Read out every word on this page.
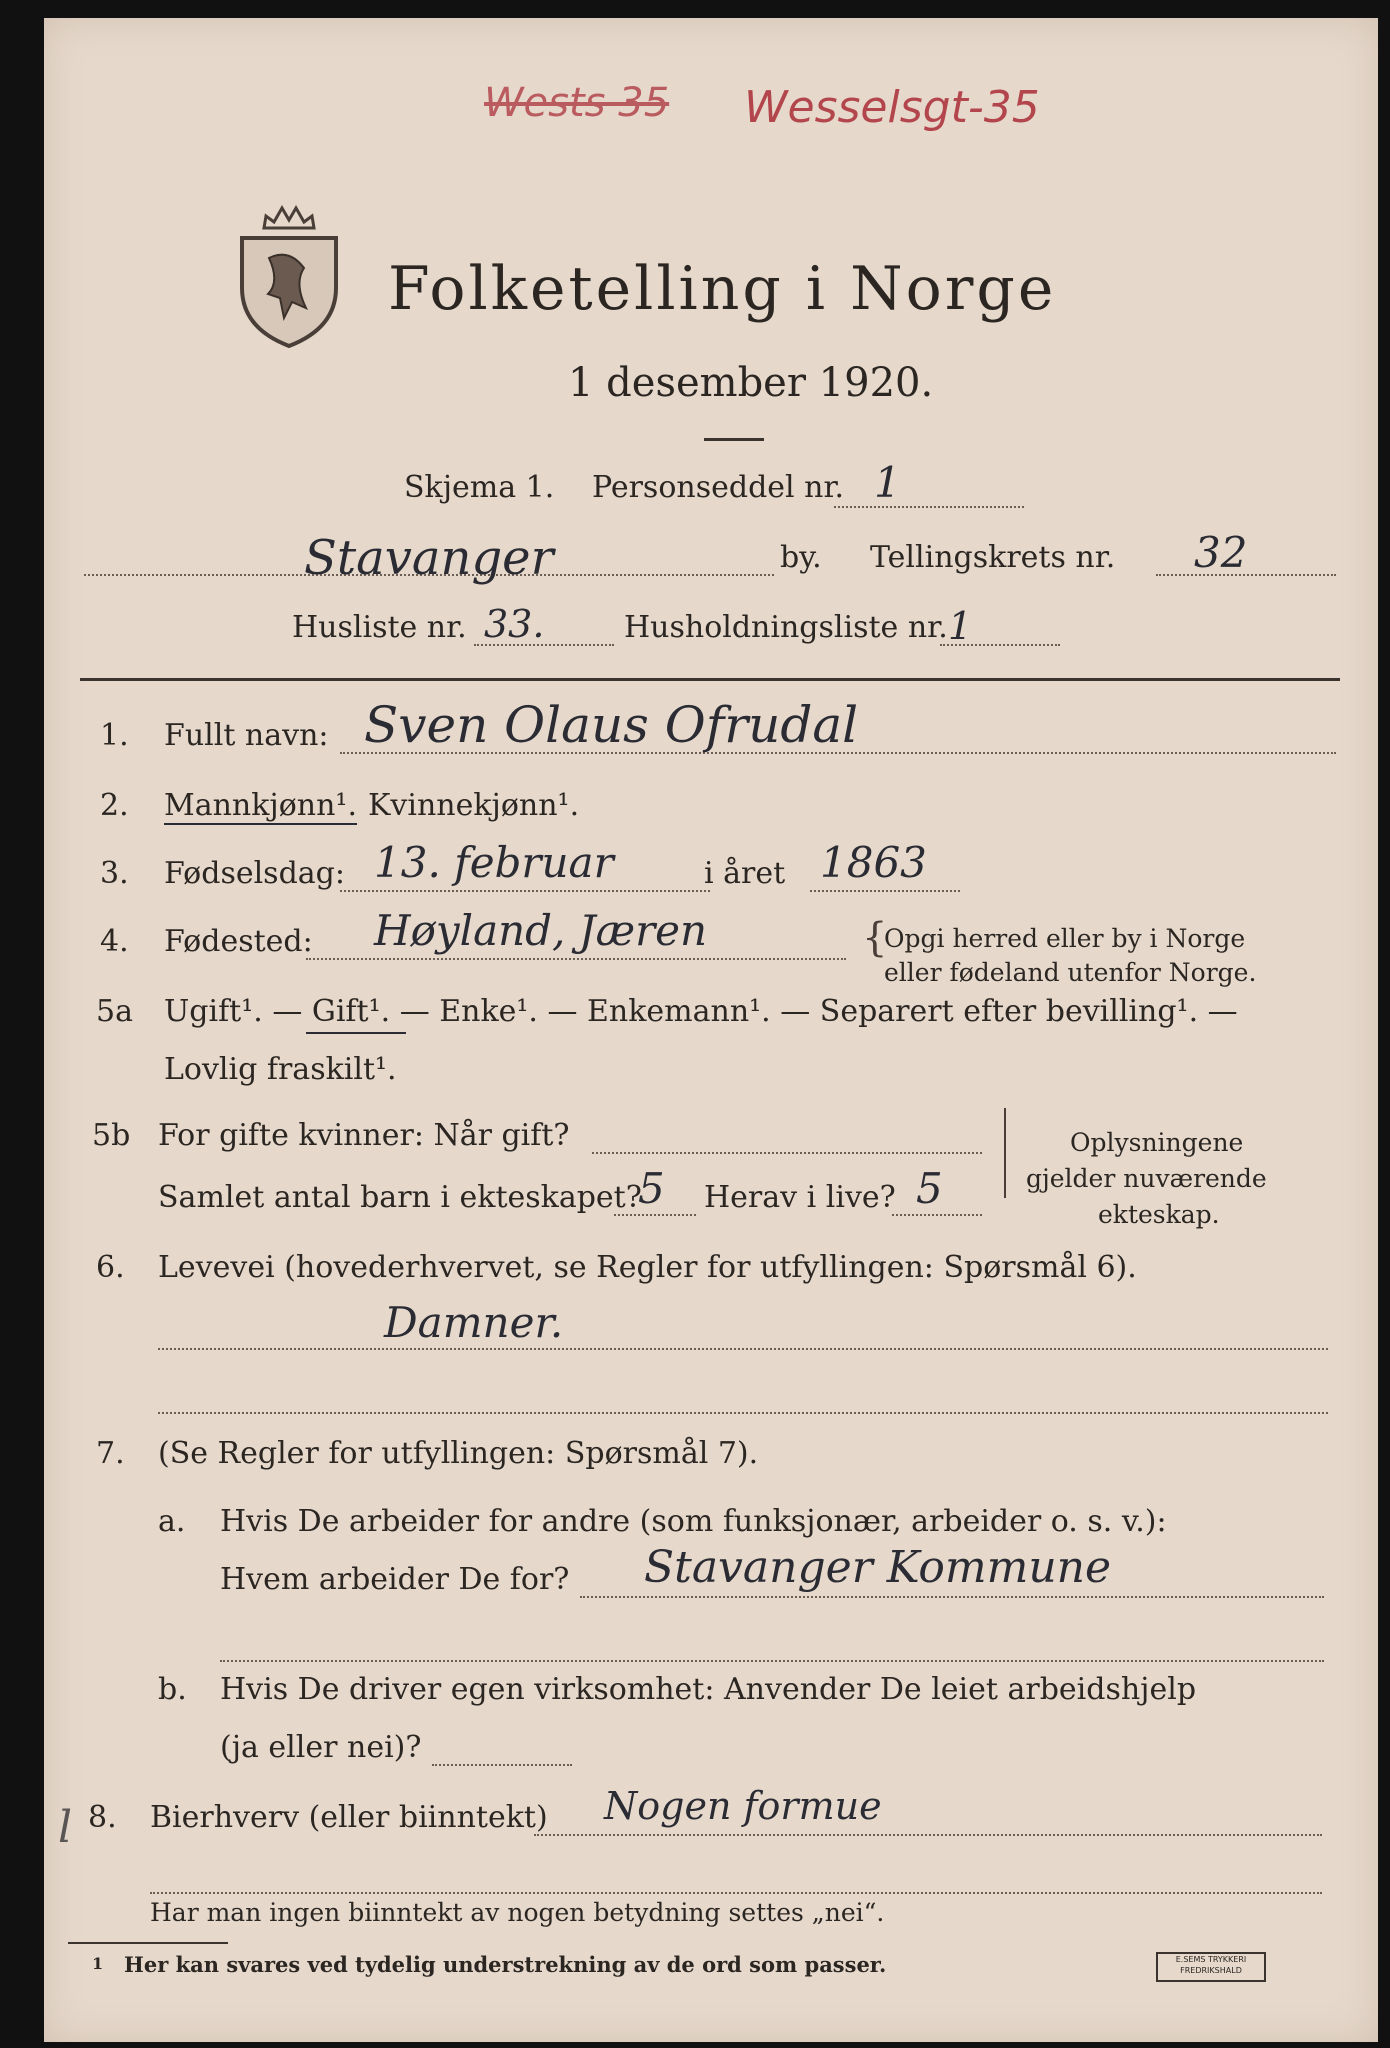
Wests 35 Wesselsgt-35
Folketelling i Norge
1 desember 1920.
Skjema 1. Personseddel nr. 1
Stavanger	by. Tellingskrets nr. 32
Husliste nr. 33.	Husholdningsliste nr. 1
1. Fullt navn: Sven Olaus Ofrudal
2. Mannkjønn¹. Kvinnekjønn¹.
3. Fødselsdag: 13. februar	i året 1863
4. Fødested: Høyland, Jæren	{
Opgi herred eller by i Norge
eller fødeland utenfor Norge.
5a Ugift¹. — Gift¹. — Enke¹. — Enkemann¹. — Separert efter bevilling¹. —
Lovlig fraskilt¹.
5b For gifte kvinner: Når gift?
Samlet antal barn i ekteskapet?
5 Herav i live? 5
Oplysningene
gjelder nuværende
ekteskap.
6. Levevei (hovederhvervet, se Regler for utfyllingen: Spørsmål 6).
Damner.
7. (Se Regler for utfyllingen: Spørsmål 7).
a. Hvis De arbeider for andre (som funksjonær, arbeider o. s. v.):
Hvem arbeider De for? Stavanger Kommune
b. Hvis De driver egen virksomhet: Anvender De leiet arbeidshjelp
(ja eller nei)?
l 8. Bierhverv (eller biinntekt) Nogen formue
Har man ingen biinntekt av nogen betydning settes „nei“.
1 Her kan svares ved tydelig understrekning av de ord som passer.	E.SEMS TRYKKERI
FREDRIKSHALD
